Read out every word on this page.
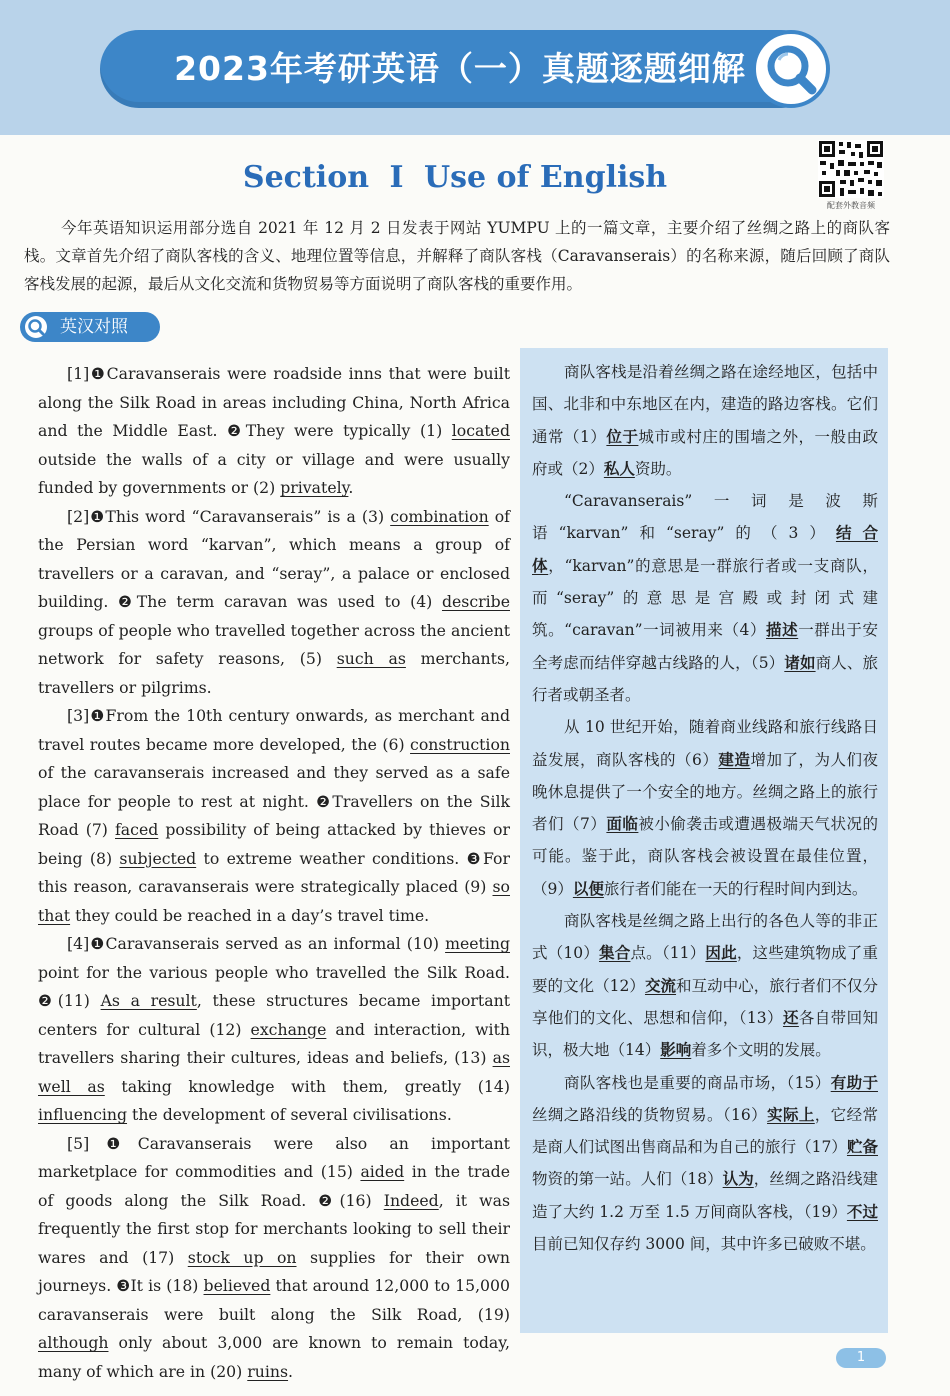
2023年考研英语（一）真题逐题细解
Section Ⅰ Use of English
配套外教音频
今年英语知识运用部分选自 2021 年 12 月 2 日发表于网站 YUMPU 上的一篇文章，主要介绍了丝绸之路上的商队客栈。文章首先介绍了商队客栈的含义、地理位置等信息，并解释了商队客栈（Caravanserais）的名称来源，随后回顾了商队客栈发展的起源，最后从文化交流和货物贸易等方面说明了商队客栈的重要作用。
英汉对照

[1]❶Caravanserais were roadside inns that were built along the Silk Road in areas including China, North Africa and the Middle East. ❷They were typically (1) located outside the walls of a city or village and were usually funded by governments or (2) privately.

[2]❶This word “Caravanserais” is a (3) combination of the Persian word “karvan”, which means a group of travellers or a caravan, and “seray”, a palace or enclosed building. ❷The term caravan was used to (4) describe groups of people who travelled together across the ancient network for safety reasons, (5) such as merchants, travellers or pilgrims.

[3]❶From the 10th century onwards, as merchant and travel routes became more developed, the (6) construction of the caravanserais increased and they served as a safe place for people to rest at night. ❷Travellers on the Silk Road (7) faced possibility of being attacked by thieves or being (8) subjected to extreme weather conditions. ❸For this reason, caravanserais were strategically placed (9) so that they could be reached in a day’s travel time.

[4]❶Caravanserais served as an informal (10) meeting point for the various people who travelled the Silk Road. ❷(11) As a result, these structures became important centers for cultural (12) exchange and interaction, with travellers sharing their cultures, ideas and beliefs, (13) as well as taking knowledge with them, greatly (14) influencing the development of several civilisations.

[5]❶Caravanserais were also an important marketplace for commodities and (15) aided in the trade of goods along the Silk Road. ❷(16) Indeed, it was frequently the first stop for merchants looking to sell their wares and (17) stock up on supplies for their own journeys. ❸It is (18) believed that around 12,000 to 15,000 caravanserais were built along the Silk Road, (19) although only about 3,000 are known to remain today, many of which are in (20) ruins.

商队客栈是沿着丝绸之路在途经地区，包括中国、北非和中东地区在内，建造的路边客栈。它们通常（1）位于城市或村庄的围墙之外，一般由政府或（2）私人资助。

“Caravanserais”一词是波斯语“karvan”和“seray”的（3）结合体，“karvan”的意思是一群旅行者或一支商队，而“seray”的意思是宫殿或封闭式建筑。“caravan”一词被用来（4）描述一群出于安全考虑而结伴穿越古线路的人，（5）诸如商人、旅行者或朝圣者。

从 10 世纪开始，随着商业线路和旅行线路日益发展，商队客栈的（6）建造增加了，为人们夜晚休息提供了一个安全的地方。丝绸之路上的旅行者们（7）面临被小偷袭击或遭遇极端天气状况的可能。鉴于此，商队客栈会被设置在最佳位置，（9）以便旅行者们能在一天的行程时间内到达。

商队客栈是丝绸之路上出行的各色人等的非正式（10）集合点。（11）因此，这些建筑物成了重要的文化（12）交流和互动中心，旅行者们不仅分享他们的文化、思想和信仰，（13）还各自带回知识，极大地（14）影响着多个文明的发展。

商队客栈也是重要的商品市场，（15）有助于丝绸之路沿线的货物贸易。（16）实际上，它经常是商人们试图出售商品和为自己的旅行（17）贮备物资的第一站。人们（18）认为，丝绸之路沿线建造了大约 1.2 万至 1.5 万间商队客栈，（19）不过目前已知仅存约 3000 间，其中许多已破败不堪。

1
